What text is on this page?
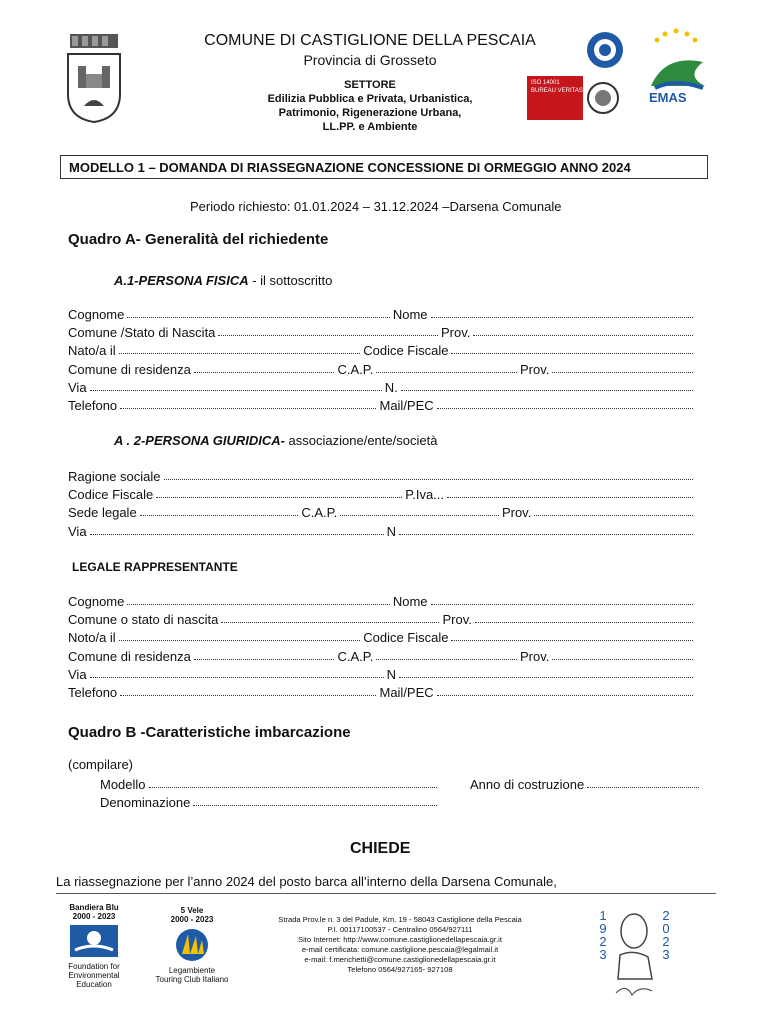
COMUNE DI CASTIGLIONE DELLA PESCAIA
Provincia di Grosseto
SETTORE
Edilizia Pubblica e Privata, Urbanistica,
Patrimonio, Rigenerazione Urbana,
LL.PP. e Ambiente
ISO 14001
BUREAU VERITAS	EMAS
MODELLO 1 – DOMANDA DI RIASSEGNAZIONE CONCESSIONE DI ORMEGGIO ANNO 2024
Periodo richiesto: 01.01.2024 – 31.12.2024 –Darsena Comunale
Quadro A- Generalità del richiedente
A.1-PERSONA FISICA - il sottoscritto
Cognome	Nome
Comune /Stato di Nascita	Prov.
Nato/a il	Codice Fiscale
Comune di residenza	C.A.P.	Prov.
Via	N.
Telefono	Mail/PEC
A . 2-PERSONA GIURIDICA- associazione/ente/società
Ragione sociale
Codice Fiscale	P.Iva...
Sede legale	C.A.P.	Prov.
Via	N
LEGALE RAPPRESENTANTE
Cognome	Nome
Comune o stato di nascita	Prov.
Noto/a il	Codice Fiscale
Comune di residenza	C.A.P.	Prov.
Via	N
Telefono	Mail/PEC
Quadro B -Caratteristiche imbarcazione
(compilare)
Modello	Anno di costruzione
Denominazione
CHIEDE
La riassegnazione per l’anno 2024 del posto barca all’interno della Darsena Comunale,
Bandiera Blu
2000 - 2023
Foundation for
Environmental
Education
5 Vele
2000 - 2023
Legambiente
Touring Club Italiano
Strada Prov.le n. 3 del Padule, Km. 19 - 58043 Castiglione della Pescaia
P.I. 00117100537 - Centralino 0564/927111
Sito Internet: http://www.comune.castiglionedellapescaia.gr.it
e-mail certificata: comune.castiglione.pescaia@legalmail.it
e-mail: f.menchetti@comune.castiglionedellapescaia.gr.it
Telefono 0564/927165- 927108
1
9
2
3
2
0
2
3
